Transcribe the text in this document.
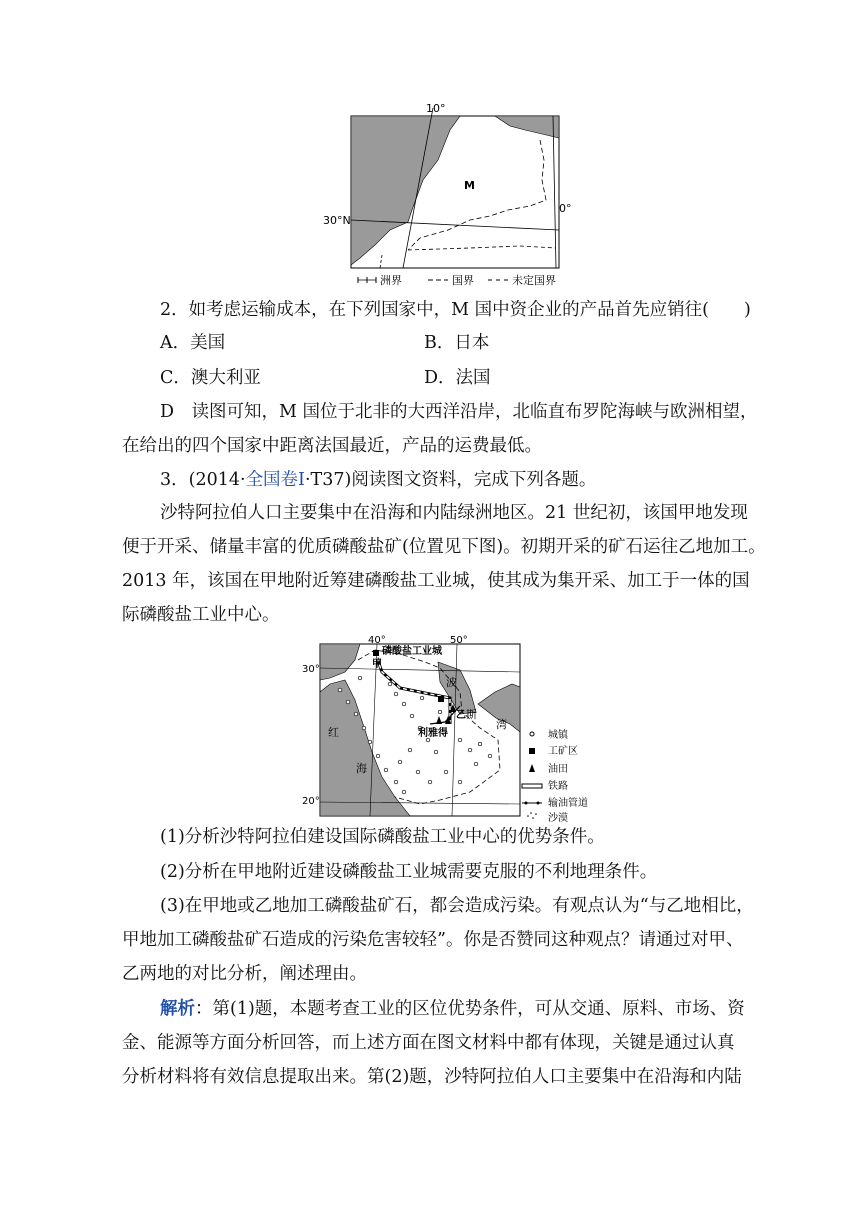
10°
30°N
0°
M
洲界	国界	未定国界
2．如考虑运输成本，在下列国家中，M 国中资企业的产品首先应销往(　　)
A．美国	B．日本
C．澳大利亚	D．法国
D　读图可知，M 国位于北非的大西洋沿岸，北临直布罗陀海峡与欧洲相望，
在给出的四个国家中距离法国最近，产品的运费最低。
3．(2014·全国卷Ⅰ·T37)阅读图文资料，完成下列各题。
沙特阿拉伯人口主要集中在沿海和内陆绿洲地区。21 世纪初，该国甲地发现
便于开采、储量丰富的优质磷酸盐矿(位置见下图)。初期开采的矿石运往乙地加工。
2013 年，该国在甲地附近筹建磷酸盐工业城，使其成为集开采、加工于一体的国
际磷酸盐工业中心。
40°	50°
30°
20°
磷酸盐工业城
甲
乙
波
斯
湾
红
海
利雅得	城镇
工矿区
油田
铁路
输油管道
沙漠
(1)分析沙特阿拉伯建设国际磷酸盐工业中心的优势条件。
(2)分析在甲地附近建设磷酸盐工业城需要克服的不利地理条件。
(3)在甲地或乙地加工磷酸盐矿石，都会造成污染。有观点认为“与乙地相比，
甲地加工磷酸盐矿石造成的污染危害较轻”。你是否赞同这种观点？请通过对甲、
乙两地的对比分析，阐述理由。
解析：第(1)题，本题考查工业的区位优势条件，可从交通、原料、市场、资
金、能源等方面分析回答，而上述方面在图文材料中都有体现，关键是通过认真
分析材料将有效信息提取出来。第(2)题，沙特阿拉伯人口主要集中在沿海和内陆
